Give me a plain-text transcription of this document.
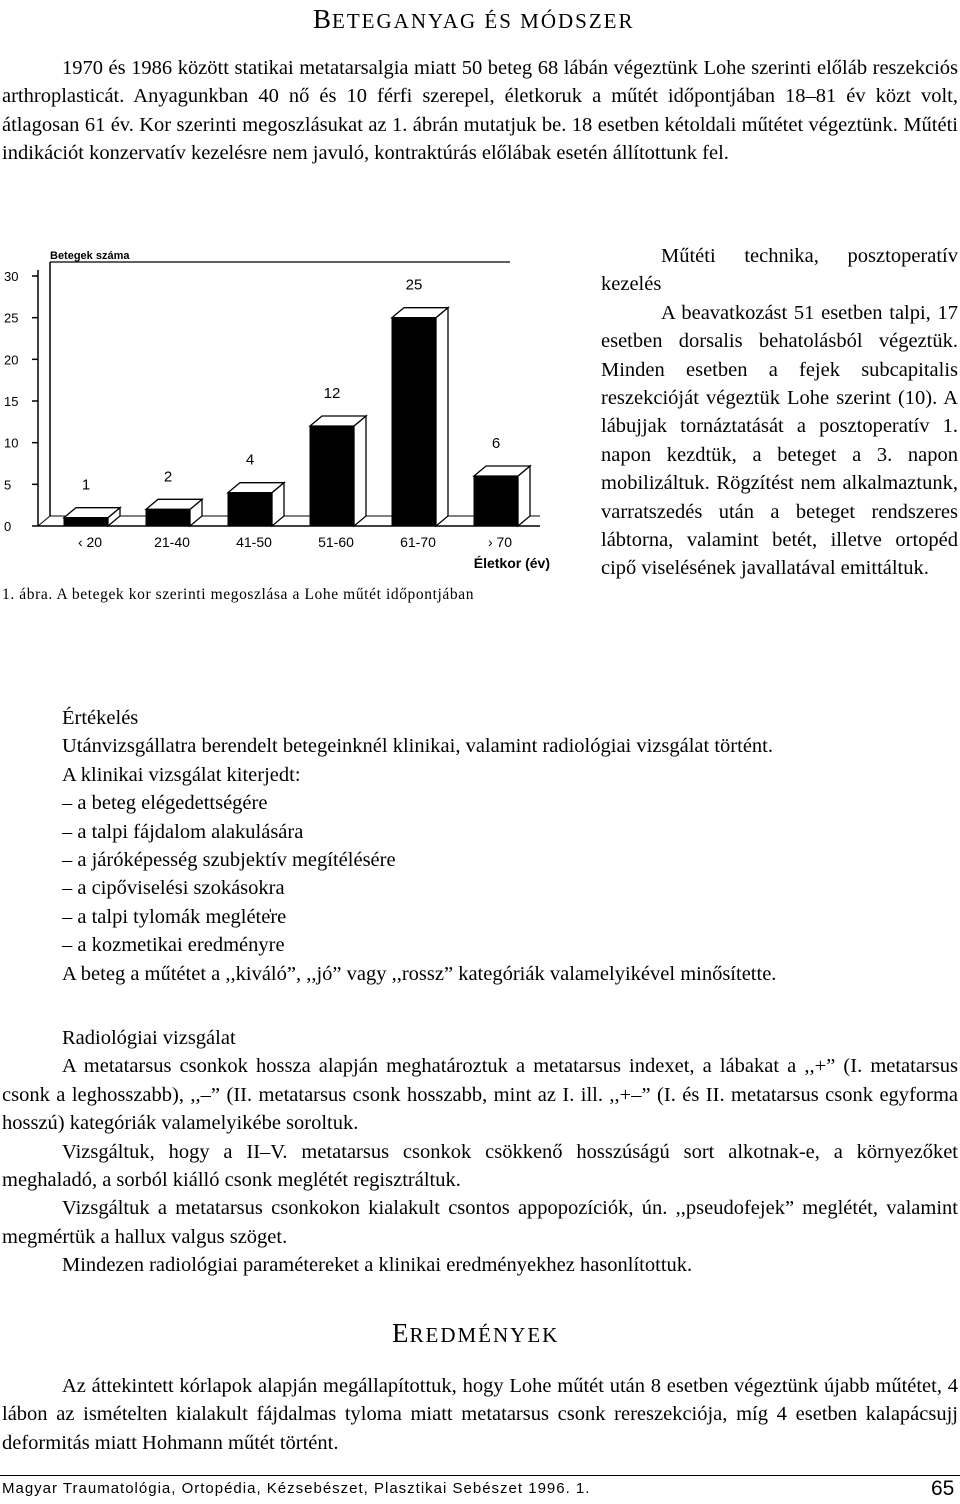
BETEGANYAG ÉS MÓDSZER

1970 és 1986 között statikai metatarsalgia miatt 50 beteg 68 lábán végeztünk Lohe szerinti előláb reszekciós arthroplasticát. Anyagunkban 40 nő és 10 férfi szerepel, életkoruk a műtét időpontjában 18–81 év közt volt, átlagosan 61 év. Kor szerinti megoszlásukat az 1. ábrán mutatjuk be. 18 esetben kétoldali műtétet végeztünk. Műtéti indikációt konzervatív kezelésre nem javuló, kontraktúrás előlábak esetén állítottunk fel.

Betegek száma
0
5
10
15
20
25
30
1
‹ 20
2
21-40
4
41-50
12
51-60
25
61-70
6
› 70
Életkor (év)
1. ábra. A betegek kor szerinti megoszlása a Lohe műtét időpontjában

Műtéti technika, posztoperatív kezelés

A beavatkozást 51 esetben talpi, 17 esetben dorsalis behatolásból végeztük. Minden esetben a fejek subcapitalis reszekcióját végeztük Lohe szerint (10). A lábujjak tornáztatását a posztoperatív 1. napon kezdtük, a beteget a 3. napon mobilizáltuk. Rögzítést nem alkalmaztunk, varratszedés után a beteget rendszeres lábtorna, valamint betét, illetve ortopéd cipő viselésének javallatával emittáltuk.

Értékelés
Utánvizsgállatra berendelt betegeinknél klinikai, valamint radiológiai vizsgálat történt.
A klinikai vizsgálat kiterjedt:
– a beteg elégedettségére
– a talpi fájdalom alakulására
– a járóképesség szubjektív megítélésére
– a cipőviselési szokásokra
– a talpi tylomák megléte̍re
– a kozmetikai eredményre
A beteg a műtétet a ,,kiváló”, ,,jó” vagy ,,rossz” kategóriák valamelyikével minősítette.
Radiológiai vizsgálat

A metatarsus csonkok hossza alapján meghatároztuk a metatarsus indexet, a lábakat a ,,+” (I. metatarsus csonk a leghosszabb), ,,–” (II. metatarsus csonk hosszabb, mint az I. ill. ,,+–” (I. és II. metatarsus csonk egyforma hosszú) kategóriák valamelyikébe soroltuk.

Vizsgáltuk, hogy a II–V. metatarsus csonkok csökkenő hosszúságú sort alkotnak-e, a környezőket meghaladó, a sorból kiálló csonk meglétét regisztráltuk.

Vizsgáltuk a metatarsus csonkokon kialakult csontos appopozíciók, ún. ,,pseudofejek” meglétét, valamint megmértük a hallux valgus szöget.

Mindezen radiológiai paramétereket a klinikai eredményekhez hasonlítottuk.

EREDMÉNYEK

Az áttekintett kórlapok alapján megállapítottuk, hogy Lohe műtét után 8 esetben végeztünk újabb műtétet, 4 lábon az ismételten kialakult fájdalmas tyloma miatt metatarsus csonk rereszekciója, míg 4 esetben kalapácsujj deformitás miatt Hohmann műtét történt.

Magyar Traumatológia, Ortopédia, Kézsebészet, Plasztikai Sebészet 1996. 1.	65
